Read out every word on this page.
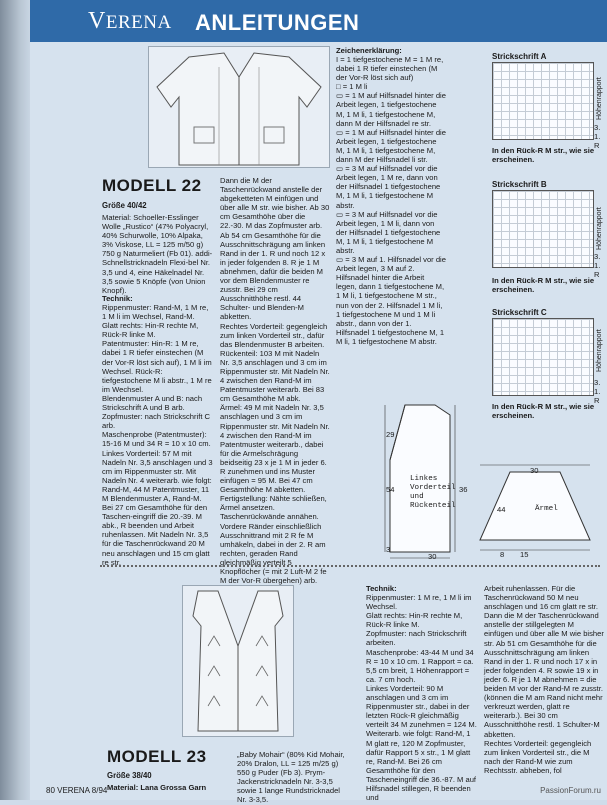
VERENA ANLEITUNGEN
MODELL 22
Größe 40/42
Material: Schoeller-Esslinger Wolle „Rustico“ (47% Polyacryl, 40% Schurwolle, 10% Alpaka, 3% Viskose, LL = 125 m/50 g) 750 g Naturmeliert (Fb 01). addi-Schnellstricknadeln Flexi-bel Nr. 3,5 und 4, eine Häkelnadel Nr. 3,5 sowie 5 Knöpfe (von Union Knopf).
Technik:
Rippenmuster: Rand-M, 1 M re, 1 M li im Wechsel, Rand-M.
Glatt rechts: Hin-R rechte M, Rück-R linke M.
Patentmuster: Hin-R: 1 M re, dabei 1 R tiefer einstechen (M der Vor-R löst sich auf), 1 M li im Wechsel. Rück-R: tiefgestochene M li abstr., 1 M re im Wechsel.
Blendenmuster A und B: nach Strickschrift A und B arb.
Zopfmuster: nach Strickschrift C arb.
Maschenprobe (Patentmuster): 15-16 M und 34 R = 10 x 10 cm.
Linkes Vorderteil: 57 M mit Nadeln Nr. 3,5 anschlagen und 3 cm im Rippenmuster str. Mit Nadeln Nr. 4 weiterarb. wie folgt: Rand-M, 44 M Patentmuster, 11 M Blendenmuster A, Rand-M. Bei 27 cm Gesamthöhe für den Taschen-eingriff die 20.-39. M abk., R beenden und Arbeit ruhenlassen. Mit Nadeln Nr. 3,5 für die Taschenrückwand 20 M neu anschlagen und 15 cm glatt re str.
Dann die M der Taschenrückwand anstelle der abgeketteten M einfügen und über alle M str. wie bisher. Ab 30 cm Gesamthöhe über die 22.-30. M das Zopfmuster arb. Ab 54 cm Gesamthöhe für die Ausschnittschrägung am linken Rand in der 1. R und noch 12 x in jeder folgenden 8. R je 1 M abnehmen, dafür die beiden M vor dem Blendenmuster re zusstr. Bei 29 cm Ausschnitthöhe restl. 44 Schulter- und Blenden-M abketten.
Rechtes Vorderteil: gegengleich zum linken Vorderteil str., dafür das Blendenmuster B arbeiten.
Rückenteil: 103 M mit Nadeln Nr. 3,5 anschlagen und 3 cm im Rippenmuster str. Mit Nadeln Nr. 4 zwischen den Rand-M im Patentmuster weiterarb. Bei 83 cm Gesamthöhe M abk.
Ärmel: 49 M mit Nadeln Nr. 3,5 anschlagen und 3 cm im Rippenmuster str. Mit Nadeln Nr. 4 zwischen den Rand-M im Patentmuster weiterarb., dabei für die Armelschrägung beidseitig 23 x je 1 M in jeder 6. R zunehmen und ins Muster einfügen = 95 M. Bei 47 cm Gesamthöhe M abketten.
Fertigstellung: Nähte schließen, Ärmel ansetzen. Taschenrückwände annähen. Vordere Ränder einschließlich Ausschnittrand mit 2 R fe M umhäkeln, dabei in der 2. R am rechten, geraden Rand gleichmäßig verteilt 5 Knopflöcher (= mit 2 Luft-M 2 fe M der Vor-R übergehen) arb.
Zeichenerklärung:
I = 1 tiefgestochene M = 1 M re, dabei 1 R tiefer einstechen (M der Vor-R löst sich auf)
□ = 1 M li
▭ = 1 M auf Hilfsnadel hinter die Arbeit legen, 1 tiefgestochene M, 1 M li, 1 tiefgestochene M, dann M der Hilfsnadel re str.
▭ = 1 M auf Hilfsnadel hinter die Arbeit legen, 1 tiefgestochene M, 1 M li, 1 tiefgestochene M, dann M der Hilfsnadel li str.
▭ = 3 M auf Hilfsnadel vor die Arbeit legen, 1 M re, dann von der Hilfsnadel 1 tiefgestochene M, 1 M li, 1 tiefgestochene M abstr.
▭ = 3 M auf Hilfsnadel vor die Arbeit legen, 1 M li, dann von der Hilfsnadel 1 tiefgestochene M, 1 M li, 1 tiefgestochene M abstr.
▭ = 3 M auf 1. Hilfsnadel vor die Arbeit legen, 3 M auf 2. Hilfsnadel hinter die Arbeit legen, dann 1 tiefgestochene M, 1 M li, 1 tiefgestochene M str., nun von der 2. Hilfsnadel 1 M li, 1 tiefgestochene M und 1 M li abstr., dann von der 1. Hilfsnadel 1 tiefgestochene M, 1 M li, 1 tiefgestochene M abstr.
Linkes
Vorderteil
und
Rückenteil	Ärmel
29
54
3
30
30
36
44
15
8
Strickschrift A
Höhenrapport
3.
1. R
In den Rück-R M str., wie sie erscheinen.
Strickschrift B
Höhenrapport
3.
1. R
In den Rück-R M str., wie sie erscheinen.
Strickschrift C
Höhenrapport
3.
1. R
In den Rück-R M str., wie sie erscheinen.
MODELL 23
Größe 38/40
Material: Lana Grossa Garn
„Baby Mohair“ (80% Kid Mohair, 20% Dralon, LL = 125 m/25 g) 550 g Puder (Fb 3). Prym-Jackenstricknadeln Nr. 3-3,5 sowie 1 lange Rundstricknadel Nr. 3-3,5.
Technik:
Rippenmuster: 1 M re, 1 M li im Wechsel.
Glatt rechts: Hin-R rechte M, Rück-R linke M.
Zopfmuster: nach Strickschrift arbeiten.
Maschenprobe: 43-44 M und 34 R = 10 x 10 cm. 1 Rapport = ca. 5,5 cm breit, 1 Höhenrapport = ca. 7 cm hoch.
Linkes Vorderteil: 90 M anschlagen und 3 cm im Rippenmuster str., dabei in der letzten Rück-R gleichmäßig verteilt 34 M zunehmen = 124 M. Weiterarb. wie folgt: Rand-M, 1 M glatt re, 120 M Zopfmuster, dafür Rapport 5 x str., 1 M glatt re, Rand-M. Bei 26 cm Gesamthöhe für den Tascheneingriff die 36.-87. M auf Hilfsnadel stillegen, R beenden und
Arbeit ruhenlassen. Für die Taschenrückwand 50 M neu anschlagen und 16 cm glatt re str. Dann die M der Taschenrückwand anstelle der stillgelegten M einfügen und über alle M wie bisher str. Ab 51 cm Gesamthöhe für die Ausschnittschrägung am linken Rand in der 1. R und noch 17 x in jeder folgenden 4. R sowie 19 x in jeder 6. R je 1 M abnehmen = die beiden M vor der Rand-M re zusstr. (können die M am Rand nicht mehr verkreuzt werden, glatt re weiterarb.). Bei 30 cm Ausschnitthöhe restl. 1 Schulter-M abketten.
Rechtes Vorderteil: gegengleich zum linken Vorderteil str., die M nach der Rand-M wie zum Rechtsstr. abheben, fol
80 VERENA 8/94	PassionForum.ru
